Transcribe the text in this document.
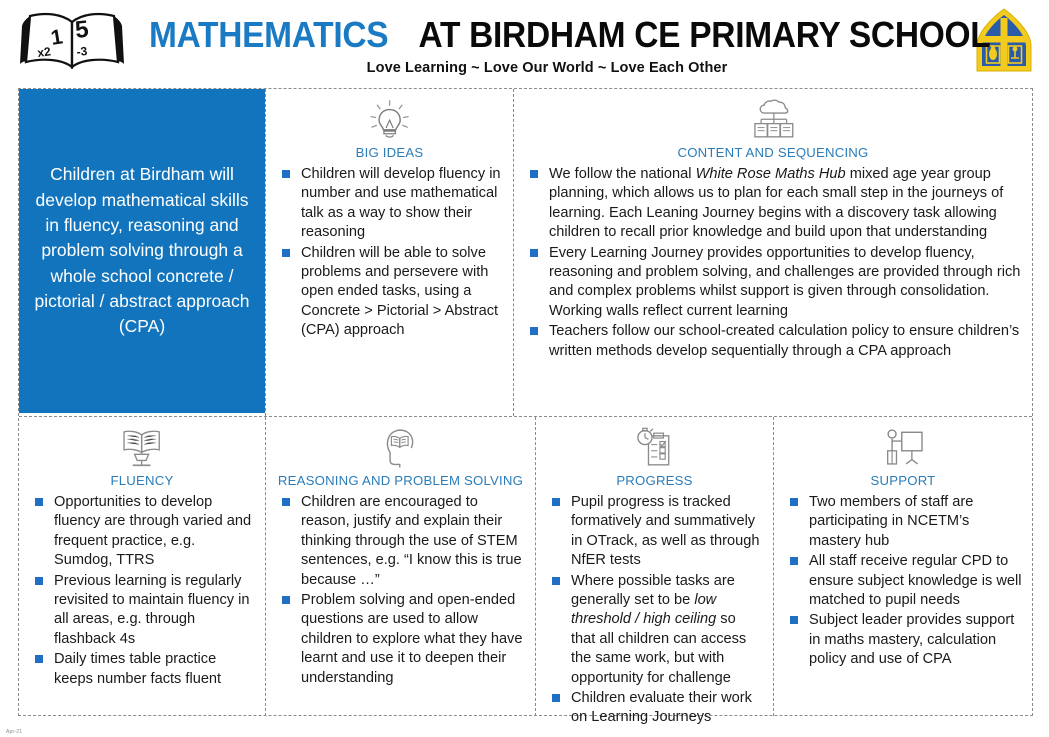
1 5
x2 -3 MATHEMATICSAT BIRDHAM CE PRIMARY SCHOOL
Love Learning ~ Love Our World ~ Love Each Other
Children at Birdham will develop mathematical skills in fluency, reasoning and problem solving through a whole school concrete / pictorial / abstract approach (CPA)
BIG IDEAS
Children will develop fluency in number and use mathematical talk as a way to show their reasoning
Children will be able to solve problems and persevere with open ended tasks, using a Concrete > Pictorial > Abstract (CPA) approach
CONTENT AND SEQUENCING
We follow the national White Rose Maths Hub mixed age year group planning, which allows us to plan for each small step in the journeys of learning. Each Leaning Journey begins with a discovery task allowing children to recall prior knowledge and build upon that understanding
Every Learning Journey provides opportunities to develop fluency, reasoning and problem solving, and challenges are provided through rich and complex problems whilst support is given through consolidation. Working walls reflect current learning
Teachers follow our school-created calculation policy to ensure children’s written methods develop sequentially through a CPA approach
FLUENCY
Opportunities to develop fluency are through varied and frequent practice, e.g. Sumdog, TTRS
Previous learning is regularly revisited to maintain fluency in all areas, e.g. through flashback 4s
Daily times table practice keeps number facts fluent
REASONING AND PROBLEM SOLVING
Children are encouraged to reason, justify and explain their thinking through the use of STEM sentences, e.g. “I know this is true because …”
Problem solving and open-ended questions are used to allow children to explore what they have learnt and use it to deepen their understanding
PROGRESS
Pupil progress is tracked formatively and summatively in OTrack, as well as through NfER tests
Where possible tasks are generally set to be low threshold / high ceiling so that all children can access the same work, but with opportunity for challenge
Children evaluate their work on Learning Journeys
SUPPORT
Two members of staff are participating in NCETM’s mastery hub
All staff receive regular CPD to ensure subject knowledge is well matched to pupil needs
Subject leader provides support in maths mastery, calculation policy and use of CPA
Apr-21
